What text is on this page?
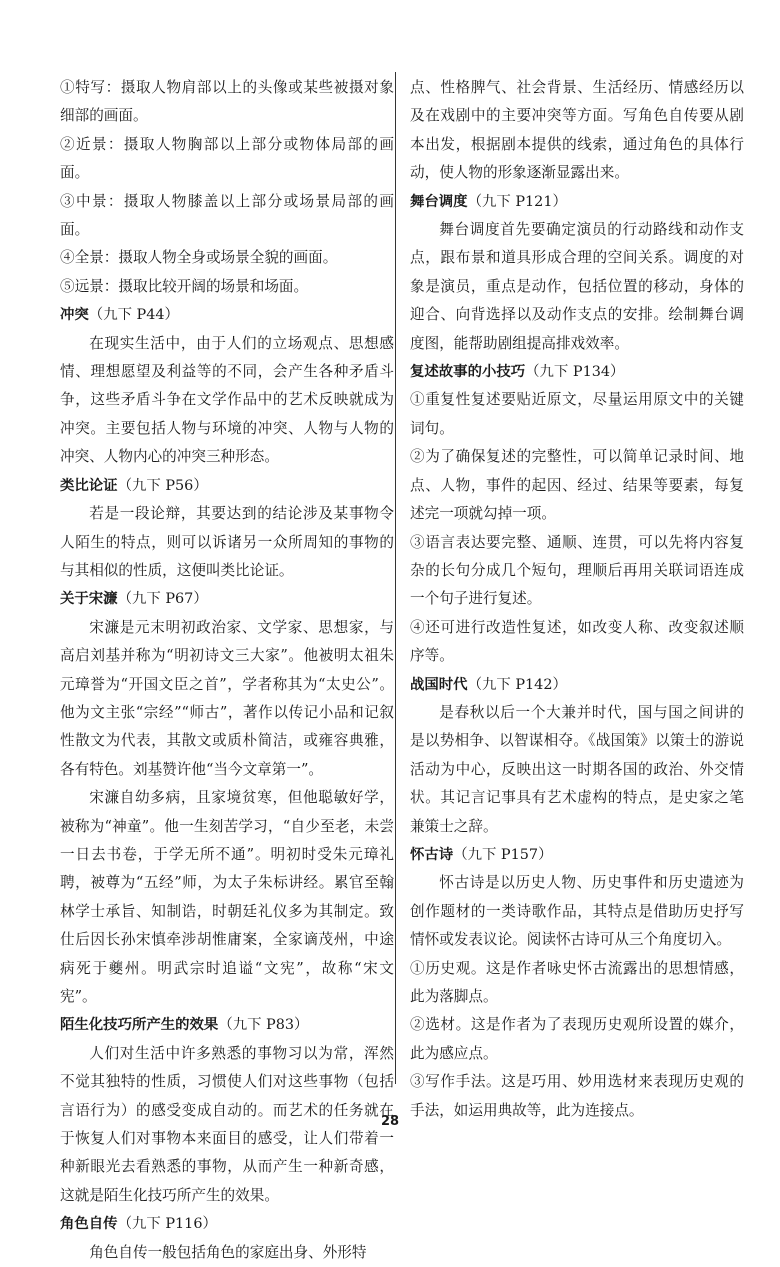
①特写：摄取人物肩部以上的头像或某些被摄对象细部的画面。

②近景：摄取人物胸部以上部分或物体局部的画面。

③中景：摄取人物膝盖以上部分或场景局部的画面。

④全景：摄取人物全身或场景全貌的画面。

⑤远景：摄取比较开阔的场景和场面。

冲突（九下 P44）

在现实生活中，由于人们的立场观点、思想感情、理想愿望及利益等的不同，会产生各种矛盾斗争，这些矛盾斗争在文学作品中的艺术反映就成为冲突。主要包括人物与环境的冲突、人物与人物的冲突、人物内心的冲突三种形态。

类比论证（九下 P56）

若是一段论辩，其要达到的结论涉及某事物令人陌生的特点，则可以诉诸另一众所周知的事物的与其相似的性质，这便叫类比论证。

关于宋濂（九下 P67）

宋濂是元末明初政治家、文学家、思想家，与高启刘基并称为“明初诗文三大家”。他被明太祖朱元璋誉为“开国文臣之首”，学者称其为“太史公”。他为文主张“宗经”“师古”，著作以传记小品和记叙性散文为代表，其散文或质朴简洁，或雍容典雅，各有特色。刘基赞许他“当今文章第一”。

宋濂自幼多病，且家境贫寒，但他聪敏好学，被称为“神童”。他一生刻苦学习，“自少至老，未尝一日去书卷，于学无所不通”。明初时受朱元璋礼聘，被尊为“五经”师，为太子朱标讲经。累官至翰林学士承旨、知制诰，时朝廷礼仪多为其制定。致仕后因长孙宋慎牵涉胡惟庸案，全家谪茂州，中途病死于夔州。明武宗时追谥“文宪”，故称“宋文宪”。

陌生化技巧所产生的效果（九下 P83）

人们对生活中许多熟悉的事物习以为常，浑然不觉其独特的性质，习惯使人们对这些事物（包括言语行为）的感受变成自动的。而艺术的任务就在于恢复人们对事物本来面目的感受，让人们带着一种新眼光去看熟悉的事物，从而产生一种新奇感，这就是陌生化技巧所产生的效果。

角色自传（九下 P116）

角色自传一般包括角色的家庭出身、外形特

点、性格脾气、社会背景、生活经历、情感经历以及在戏剧中的主要冲突等方面。写角色自传要从剧本出发，根据剧本提供的线索，通过角色的具体行动，使人物的形象逐渐显露出来。

舞台调度（九下 P121）

舞台调度首先要确定演员的行动路线和动作支点，跟布景和道具形成合理的空间关系。调度的对象是演员，重点是动作，包括位置的移动，身体的迎合、向背选择以及动作支点的安排。绘制舞台调度图，能帮助剧组提高排戏效率。

复述故事的小技巧（九下 P134）

①重复性复述要贴近原文，尽量运用原文中的关键词句。

②为了确保复述的完整性，可以简单记录时间、地点、人物，事件的起因、经过、结果等要素，每复述完一项就勾掉一项。

③语言表达要完整、通顺、连贯，可以先将内容复杂的长句分成几个短句，理顺后再用关联词语连成一个句子进行复述。

④还可进行改造性复述，如改变人称、改变叙述顺序等。

战国时代（九下 P142）

是春秋以后一个大兼并时代，国与国之间讲的是以势相争、以智谋相夺。《战国策》以策士的游说活动为中心，反映出这一时期各国的政治、外交情状。其记言记事具有艺术虚构的特点，是史家之笔兼策士之辞。

怀古诗（九下 P157）

怀古诗是以历史人物、历史事件和历史遗迹为创作题材的一类诗歌作品，其特点是借助历史抒写情怀或发表议论。阅读怀古诗可从三个角度切入。

①历史观。这是作者咏史怀古流露出的思想情感，此为落脚点。

②选材。这是作者为了表现历史观所设置的媒介，此为感应点。

③写作手法。这是巧用、妙用选材来表现历史观的手法，如运用典故等，此为连接点。

28
